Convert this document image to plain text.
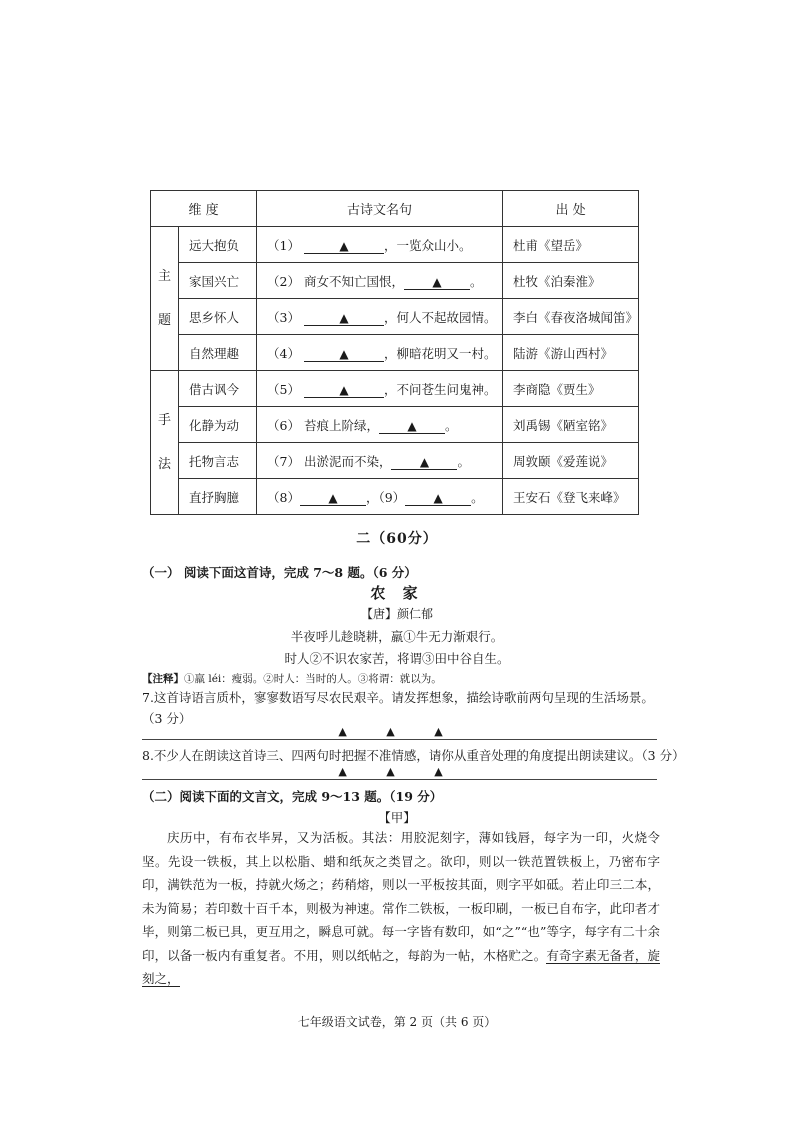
维 度		古诗文名句	出 处
主

题	远大抱负	（1） ▲ ，一览众山小。	杜甫《望岳》
	家国兴亡	（2） 商女不知亡国恨， ▲ 。	杜牧《泊秦淮》
	思乡怀人	（3） ▲ ，何人不起故园情。	李白《春夜洛城闻笛》
	自然理趣	（4） ▲ ，柳暗花明又一村。	陆游《游山西村》
手

法	借古讽今	（5） ▲ ，不问苍生问鬼神。	李商隐《贾生》
	化静为动	（6） 苔痕上阶绿， ▲ 。	刘禹锡《陋室铭》
	托物言志	（7） 出淤泥而不染， ▲ 。	周敦颐《爱莲说》
	直抒胸臆	（8） ▲ ，（9） ▲ 。	王安石《登飞来峰》
二（60分）
（一） 阅读下面这首诗，完成 7～8 题。（6 分）
农 家
【唐】颜仁郁
半夜呼儿趁晓耕，羸①牛无力渐艰行。
时人②不识农家苦，将谓③田中谷自生。
【注释】①羸 léi：瘦弱。②时人：当时的人。③将谓：就以为。
7.这首诗语言质朴，寥寥数语写尽农民艰辛。请发挥想象，描绘诗歌前两句呈现的生活场景。
（3 分）
▲ ▲ ▲
8.不少人在朗读这首诗三、四两句时把握不准情感，请你从重音处理的角度提出朗读建议。（3 分）
▲ ▲ ▲
（二）阅读下面的文言文，完成 9～13 题。（19 分）
【甲】

庆历中，有布衣毕昇，又为活板。其法：用胶泥刻字，薄如钱唇，每字为一印，火烧令坚。先设一铁板，其上以松脂、蜡和纸灰之类冒之。欲印，则以一铁范置铁板上，乃密布字印，满铁范为一板，持就火炀之；药稍熔，则以一平板按其面，则字平如砥。若止印三二本，未为简易；若印数十百千本，则极为神速。常作二铁板，一板印刷，一板已自布字，此印者才毕，则第二板已具，更互用之，瞬息可就。每一字皆有数印，如“之”“也”等字，每字有二十余印，以备一板内有重复者。不用，则以纸帖之，每韵为一帖，木格贮之。有奇字素无备者，旋刻之，

七年级语文试卷，第 2 页（共 6 页）
